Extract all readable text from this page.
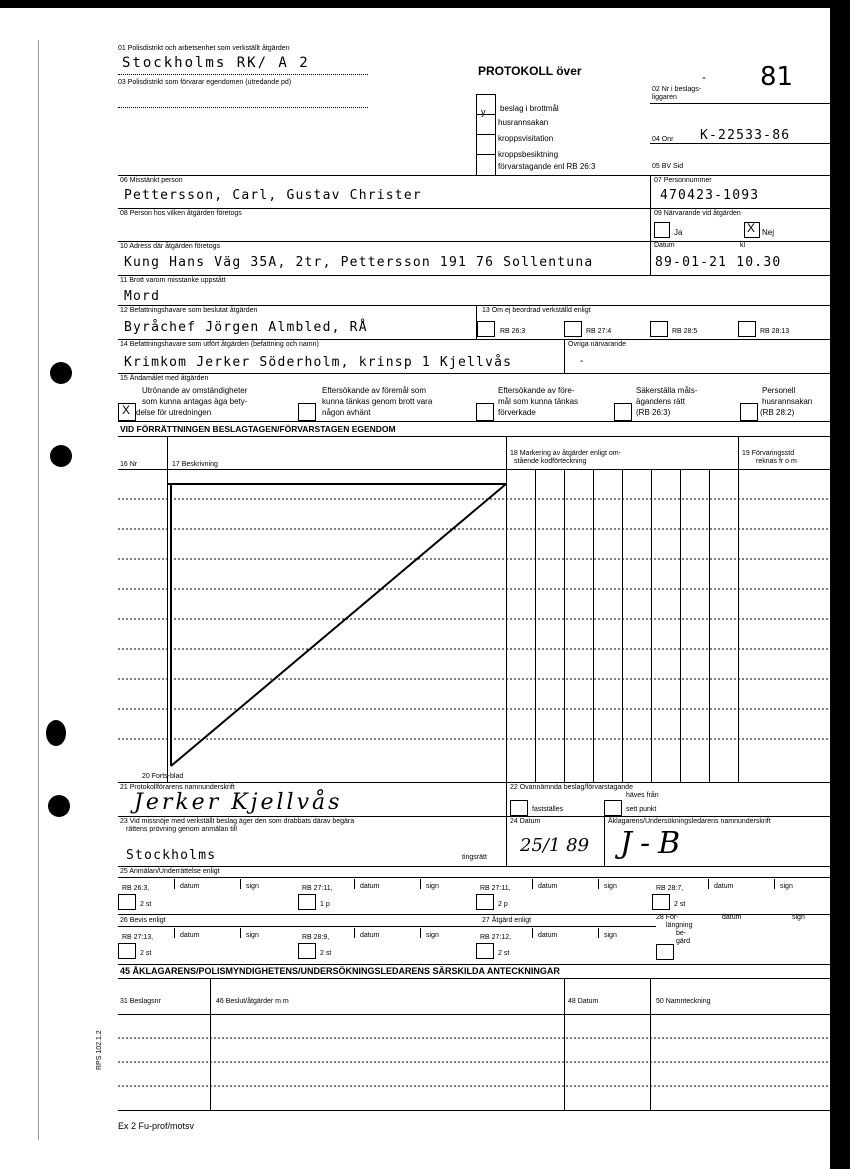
01 Polisdistrikt och arbetsenhet som verkställt åtgärden
Stockholms RK/ A 2
03 Polisdistrikt som förvarar egendomen (utredande pd)
PROTOKOLL över	81
-
02 Nr i beslags-
liggaren
04 Onr K-22533-86
05 BV Sid
y beslag i brottmål
husrannsakan
kroppsvisitation
kroppsbesiktning
förvarstagande enl RB 26:3
06 Misstänkt person
Pettersson, Carl, Gustav Christer
07 Personnummer
470423-1093
08 Person hos vilken åtgärden företogs	09 Närvarande vid åtgärden
Ja	X Nej
10 Adress där åtgärden företogs
Kung Hans Väg 35A, 2tr, Pettersson 191 76 Sollentuna
Datum	kl
89-01-21 10.30
11 Brott varom misstanke uppstått
Mord
12 Befattningshavare som beslutat åtgärden
Byråchef Jörgen Almbled, RÅ
13 Om ej beordrad verkställd enligt
RB 26:3	RB 27:4	RB 28:5	RB 28:13
14 Befattningshavare som utfört åtgärden (befattning och namn)
Krimkom Jerker Söderholm, krinsp 1 Kjellvås
Övriga närvarande
-
15 Ändamålet med åtgärden
X
Utrönande av omständigheter
som kunna antagas äga bety-
delse för utredningen
Eftersökande av föremål som
kunna tänkas genom brott vara
någon avhänt
Eftersökande av före-
mål som kunna tänkas
förverkade
Säkerställa måls-
ägandens rätt
(RB 26:3)
Personell
husrannsakan
(RB 28:2)
VID FÖRRÄTTNINGEN BESLAGTAGEN/FÖRVARSTAGEN EGENDOM
16 Nr	17 Beskrivning
18 Markering av åtgärder enligt om-
stående kodförteckning
19 Förvaringsstd
reknas fr o m
20 Forts-blad
21 Protokollförarens namnunderskrift
Jerker Kjellvås
22 Ovannämnda beslag/förvarstagande
häves från
fastställes	sett punkt
23 Vid missnöje med verkställt beslag äger den som drabbats därav begära
rättens prövning genom anmälan till
Stockholms	tingsrätt
24 Datum
25/1 89
Åklagarens/Undersökningsledarens namnunderskrift
J-B
25 Anmälan/Underrättelse enligt
RB 26:3,	datum	sign
2 st
RB 27:11,	datum	sign
1 p
RB 27:11,	datum	sign
2 p
RB 28:7,	datum	sign
2 st
26 Bevis enligt	27 Åtgärd enligt	28 För-
längning
be-
gärd
datum	sign
RB 27:13,	datum	sign
2 st
RB 28:9,	datum	sign
2 st
RB 27:12,	datum	sign
2 st
45 ÅKLAGARENS/POLISMYNDIGHETENS/UNDERSÖKNINGSLEDARENS SÄRSKILDA ANTECKNINGAR
31 Beslagsnr	46 Beslut/åtgärder m m	48 Datum	50 Namnteckning
RPS 102.1.2
Ex 2 Fu-prof/motsv
